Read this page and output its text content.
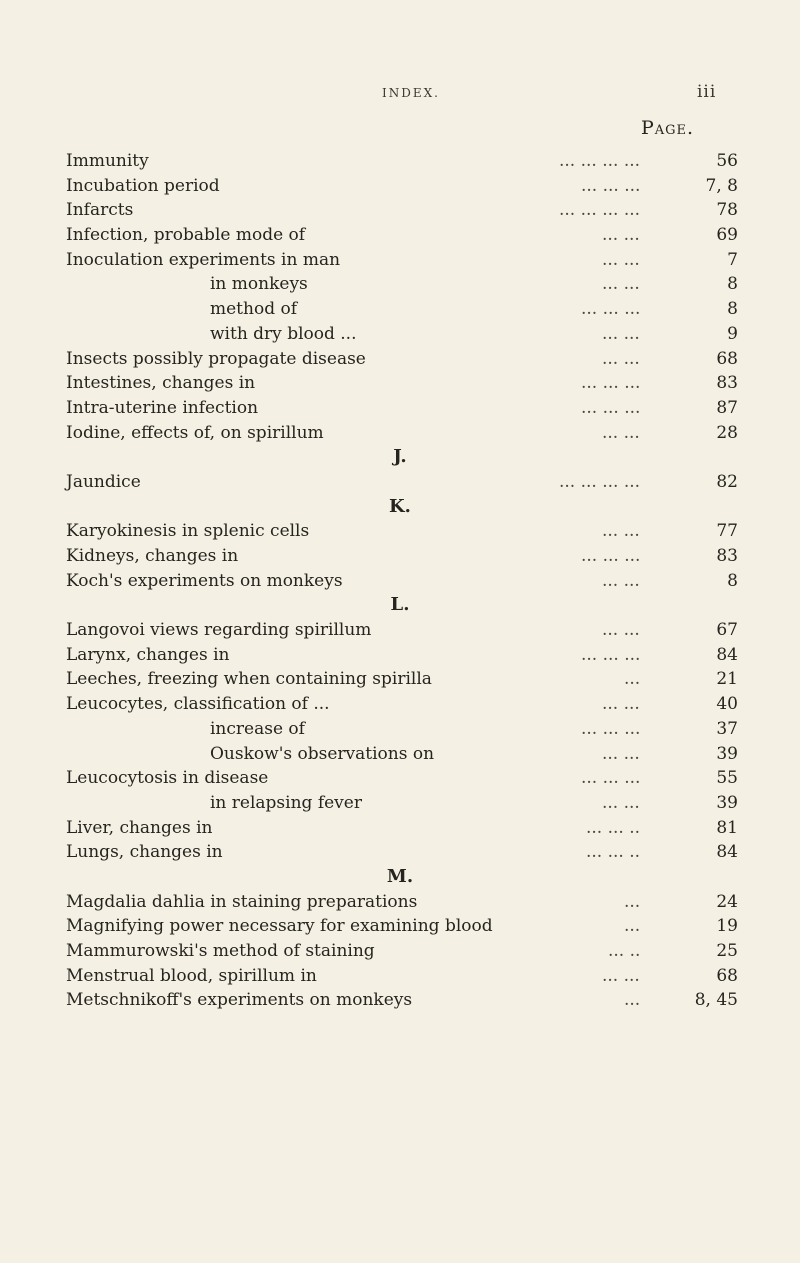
INDEX.	iii
Page.
Immunity	... ... ... ...	56
Incubation period	... ... ...	7, 8
Infarcts	... ... ... ...	78
Infection, probable mode of	... ...	69
Inoculation experiments in man	... ...	7
in monkeys	... ...	8
method of	... ... ...	8
with dry blood ...	... ...	9
Insects possibly propagate disease	... ...	68
Intestines, changes in	... ... ...	83
Intra-uterine infection	... ... ...	87
Iodine, effects of, on spirillum	... ...	28
J.
Jaundice	... ... ... ...	82
K.
Karyokinesis in splenic cells	... ...	77
Kidneys, changes in	... ... ...	83
Koch's experiments on monkeys	... ...	8
L.
Langovoi views regarding spirillum	... ...	67
Larynx, changes in	... ... ...	84
Leeches, freezing when containing spirilla	...	21
Leucocytes, classification of ...	... ...	40
increase of	... ... ...	37
Ouskow's observations on	... ...	39
Leucocytosis in disease	... ... ...	55
in relapsing fever	... ...	39
Liver, changes in	... ... ..	81
Lungs, changes in	... ... ..	84
M.
Magdalia dahlia in staining preparations	...	24
Magnifying power necessary for examining blood	...	19
Mammurowski's method of staining	... ..	25
Menstrual blood, spirillum in	... ...	68
Metschnikoff's experiments on monkeys	...	8, 45
